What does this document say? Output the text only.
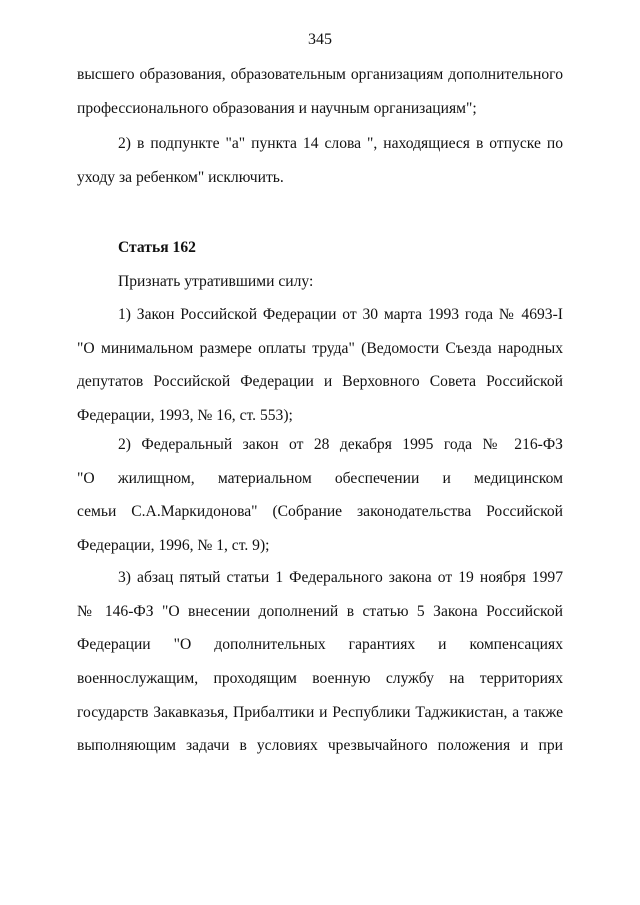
345
высшего образования, образовательным организациям дополнительного
профессионального образования и научным организациям";
2) в подпункте "а" пункта 14 слова ", находящиеся в отпуске по
уходу за ребенком" исключить.
Статья 162
Признать утратившими силу:
1) Закон Российской Федерации от 30 марта 1993 года № 4693-I
"О минимальном размере оплаты труда" (Ведомости Съезда народных
депутатов Российской Федерации и Верховного Совета Российской
Федерации, 1993, № 16, ст. 553);
2) Федеральный закон от 28 декабря 1995 года № 216-ФЗ
"О жилищном, материальном обеспечении и медицинском
семьи С.А.Маркидонова" (Собрание законодательства Российской
Федерации, 1996, № 1, ст. 9);
3) абзац пятый статьи 1 Федерального закона от 19 ноября 1997
№ 146-ФЗ "О внесении дополнений в статью 5 Закона Российской
Федерации "О дополнительных гарантиях и компенсациях
военнослужащим, проходящим военную службу на территориях
государств Закавказья, Прибалтики и Республики Таджикистан, а также
выполняющим задачи в условиях чрезвычайного положения и при
